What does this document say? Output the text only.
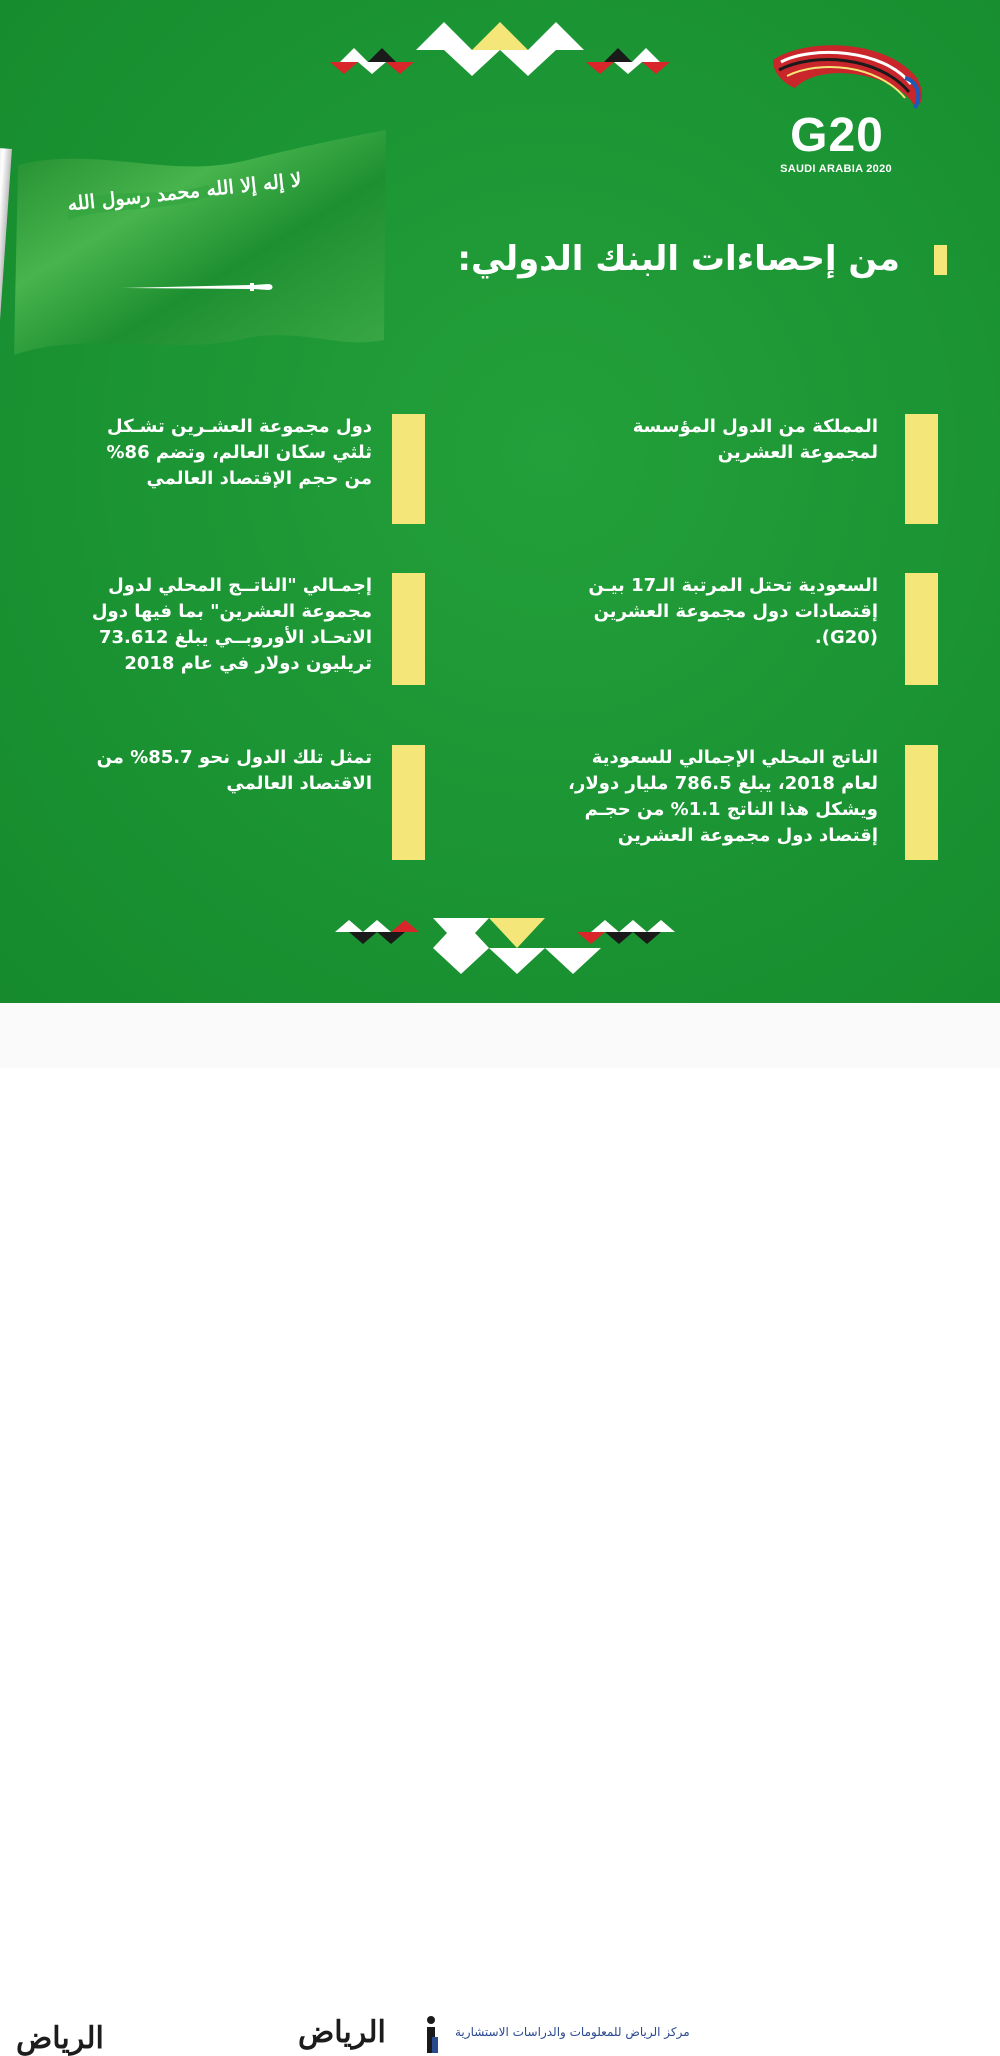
لا إله إلا الله محمد رسول الله
G20
SAUDI ARABIA 2020
من إحصاءات البنك الدولي:
المملكة من الدول المؤسسة
لمجموعة العشرين
السعودية تحتل المرتبة الـ17 بيـن
إقتصادات دول مجموعة العشرين
(G20).
الناتج المحلي الإجمالي للسعودية
لعام 2018، يبلغ 786.5 مليار دولار،
ويشكل هذا الناتج 1.1% من حجـم
إقتصاد دول مجموعة العشرين
دول مجموعة العشـرين تشـكل
ثلثي سكان العالم، وتضم 86%
من حجم الإقتصاد العالمي
إجمـالي "الناتــج المحلي لدول
مجموعة العشرين" بما فيها دول
الاتحـاد الأوروبــي يبلغ 73.612
تريليون دولار في عام 2018
تمثل تلك الدول نحو 85.7% من
الاقتصاد العالمي
الرياض	الرياض	مركز الرياض للمعلومات والدراسات الاستشارية
